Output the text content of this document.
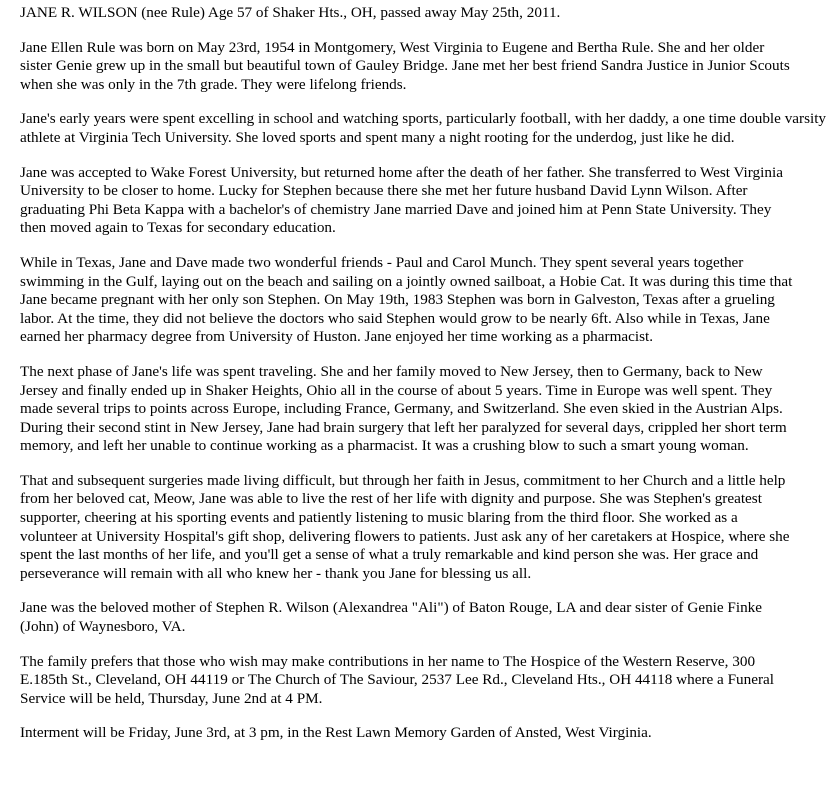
JANE R. WILSON (nee Rule) Age 57 of Shaker Hts., OH, passed away May 25th, 2011.

Jane Ellen Rule was born on May 23rd, 1954 in Montgomery, West Virginia to Eugene and Bertha Rule. She and her older
sister Genie grew up in the small but beautiful town of Gauley Bridge. Jane met her best friend Sandra Justice in Junior Scouts
when she was only in the 7th grade. They were lifelong friends.

Jane's early years were spent excelling in school and watching sports, particularly football, with her daddy, a one time double varsity
athlete at Virginia Tech University. She loved sports and spent many a night rooting for the underdog, just like he did.

Jane was accepted to Wake Forest University, but returned home after the death of her father. She transferred to West Virginia
University to be closer to home. Lucky for Stephen because there she met her future husband David Lynn Wilson. After
graduating Phi Beta Kappa with a bachelor's of chemistry Jane married Dave and joined him at Penn State University. They
then moved again to Texas for secondary education.

While in Texas, Jane and Dave made two wonderful friends - Paul and Carol Munch. They spent several years together
swimming in the Gulf, laying out on the beach and sailing on a jointly owned sailboat, a Hobie Cat. It was during this time that
Jane became pregnant with her only son Stephen. On May 19th, 1983 Stephen was born in Galveston, Texas after a grueling
labor. At the time, they did not believe the doctors who said Stephen would grow to be nearly 6ft. Also while in Texas, Jane
earned her pharmacy degree from University of Huston. Jane enjoyed her time working as a pharmacist.

The next phase of Jane's life was spent traveling. She and her family moved to New Jersey, then to Germany, back to New
Jersey and finally ended up in Shaker Heights, Ohio all in the course of about 5 years. Time in Europe was well spent. They
made several trips to points across Europe, including France, Germany, and Switzerland. She even skied in the Austrian Alps.
During their second stint in New Jersey, Jane had brain surgery that left her paralyzed for several days, crippled her short term
memory, and left her unable to continue working as a pharmacist. It was a crushing blow to such a smart young woman.

That and subsequent surgeries made living difficult, but through her faith in Jesus, commitment to her Church and a little help
from her beloved cat, Meow, Jane was able to live the rest of her life with dignity and purpose. She was Stephen's greatest
supporter, cheering at his sporting events and patiently listening to music blaring from the third floor. She worked as a
volunteer at University Hospital's gift shop, delivering flowers to patients. Just ask any of her caretakers at Hospice, where she
spent the last months of her life, and you'll get a sense of what a truly remarkable and kind person she was. Her grace and
perseverance will remain with all who knew her - thank you Jane for blessing us all.

Jane was the beloved mother of Stephen R. Wilson (Alexandrea "Ali") of Baton Rouge, LA and dear sister of Genie Finke
(John) of Waynesboro, VA.

The family prefers that those who wish may make contributions in her name to The Hospice of the Western Reserve, 300
E.185th St., Cleveland, OH 44119 or The Church of The Saviour, 2537 Lee Rd., Cleveland Hts., OH 44118 where a Funeral
Service will be held, Thursday, June 2nd at 4 PM.

Interment will be Friday, June 3rd, at 3 pm, in the Rest Lawn Memory Garden of Ansted, West Virginia.
